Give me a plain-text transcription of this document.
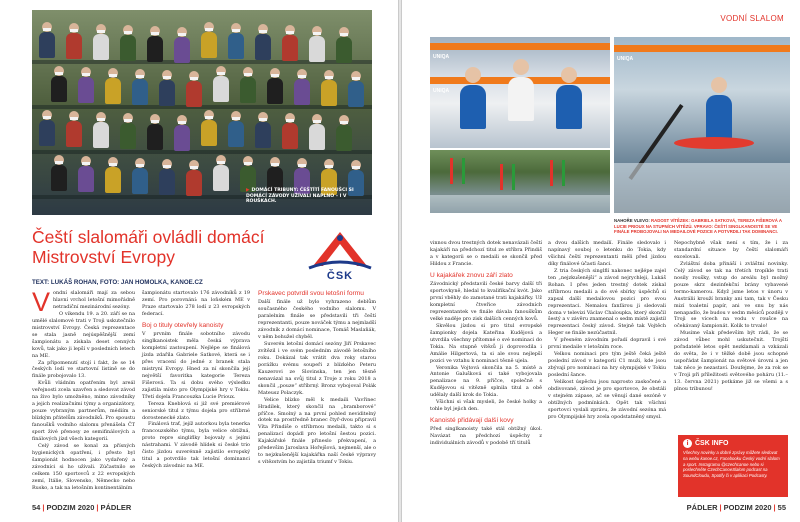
▶ DOMÁCÍ TRIBUNY: ČEŠTÍTÍ FANOUŠCI SI DOMÁCÍ ZÁVODY UŽÍVALI NAPLNO – I V ROUŠKÁCH.
Čeští slalomáři ovládli domácí Mistrovství Evropy
TEXT: LUKÁŠ ROHAN, FOTO: JAN HOMOLKA, KANOE.CZ
ČSK
V ondní slalomáři mají za sebou hlavní vrchol letošní mimořádně netradiční mezinárodní sezóny.

O víkendu 19. a 20. září se na umělé slalomové trati v Troji uskutečnilo mistrovství Evropy. Česká reprezentace se stala jasně nejúspěšnější zemí šampionátu a získala deset cenných kovů, tak jako ji lepší v posledních letech na ME.

Za připomenutí stojí i fakt, že se 14 českých lodí ve startovní listině se do finále probojovalo 13.

Kvůli vládním opatřením byl areál veřejnosti zcela uzavřen a sledovat závod na živo bylo umožněno, mimo závodníky a jejich realizačními týmy a organizátory, pouze vybraným partnerům, médiím a blízkým přátelům závodníků. Pro spoustu fanoušků vodního slalomu přenášela ČT sport živé přenosy ze semifinálových a finálových jízd všech kategorií.

Celý závod se konal za přísných hygienických opatření, i přesto byl šampionát hodnocen jako vydařený a závodníci si ho užívali. Zúčastnilo se celkem 150 sportovců z 22 evropských zemí, Itálie, Slovensko, Německo nebo Rusko, a tak na letošním kontinentálním

šampionátu startovalo 176 závodníků z 19 zemí. Pro porovnání: na loňském ME v Praze startovalo 278 lodí z 23 evropských federací.

Boj o tituly otevřely kanoisty

V prvním finále sobotního závodu singlkanoistek měla česká výprava kompletní zastoupení. Nejlépe se finálová jízda zdařila Gabriele Satkové, která se i přes vracení do jedné z branek stala mistryní Evropy. Hned za ní skončila její největší favoritka kategorie Tereza Fišerová. Ta si dobu svého výsledku zajistila místo pro Olympijské hry v Tokiu. Třetí dojela Francouzka Lucie Prioux.

Tereza Kneblová si již své premiérové seniorské titul z týmu dojela pro stříbrné dorostenecké zlato.

Finálová trať, jejíž autorkou byla tenerka francouzského týmu, byla velice obtížná, proto repre singliflky bojovaly s jejími nástrahami. V závodě hlídek si české trio čisto jízdou suverénně zajistilo evropský titul a potvrdilo tak letošní dominanci českých závodnic na ME.

Prskavec potvrdil svou letošní formu

Další finále už bylo vyhrazeno deblům současného českého vodního slalomu. V paralelním finále se představili tři čeští reprezentanti, pouze nováček týmu a nejmladší závodník z domácí nominace, Tomáš Maslaňák, v něm bohužel chyběl.

Suverén letošní domácí sezóny Jiří Prskavec zvítězil i ve svém posledním závodě letošního roku. Dokázal tak vrátit dva roky starou porážku svému soupeři z blízkého Peteru Kauzerovi ze Slovinska, ten jen těsně nenavázal na svůj titul z Troje z roku 2018 a skončil „pouze“ stříbrný. Bronz vybojoval Polák Mateusz Polaczyk.

Velice blízko měl k medaili Vavřinec Hradilek, který skončil na „bramborové“ příčce. Smolný a na první pohled neviditelný dotek na prostředně branec čtyř-dvou připravil Víta Přindiše o stříbrnou medaili, takto si s penalizací dopádl pro letošní šestou pozici. Kajakářské finále přineslo překvapení, a především Jaroslava Hořejšová, nejmenší, ale o to nejzkušenější kajakářka naší české výpravy s vítězstvím ho zajistila triumf v Tokiu.

54 | PODZIM 2020 | PÁDLER
VODNÍ SLALOM
UNIQA
UNIQA
UNIQA
NAHOŘE VLEVO: RADOST VÍTĚZEK: GABRIELA SATKOVÁ, TEREZA FIŠEROVÁ A LUCIE PRIOUX NA STUPNÍCH VÍTĚZŮ. VPRAVO: ČEŠTÍ SINGLKANOISTÉ SE VE FINÁLE PROBOJOVALI NA MEDAILOVÉ POZICE A POTVRDILI TAK DOMINANCI.

vinnou dvou trestných dotek nenavázali čeští kajakáři na předchozí titul ze stříbra Přindiš a v kategorii se o medaili se skončil před Hildou z Francie.

U kajakářek znovu září zlato

Závodnický představili české barvy další tři sportovkyně, hledal to kvalifikační kvót. Jako první vběhly do zamotané trati kajakářky. Už kompletní čtveřice závodních reprezentantek ve finále dávala fanouškům velké naděje pro zisk dalších cenných kovů.

Skvělou jízdou si pro titul evropské šampionky dojela Kateřina Kudějová a utvrdila všechny přítomné o své nominaci do Tokia. Na stupně vítězů ji doprovodila i Amálie Hilgertová, ta si ale svou nejlepší pozici ve vztahu k nominaci těsně ujela.

Veronika Vojtová skončila na 5. místě a Antonie Galušková si také vybojovala penalizace na 9. příčce, společně s Kudějovou si vítězně splnila titul a obě udělaly další krok do Tokia.

Všichni si však mysleli, že české holky a tohle byl jejich den.

Kanoisté přidávají další kovy

Před singlkanoisty také stál obtížný úkol. Navázat na předchozí úspěchy z individuálních závodů v podobě tří titulů

a dvou dalších medailí. Finále sledovalo i napínavý souboj o letenku do Tokia, kdy všichni čeští reprezentanti měli před jízdou díky finálové účasti šanci.

Z tria českých singlflí nakonec nejlépe zajel ten „nejzkušenější“ a závod nejrychleji, Lukáš Rohan. I přes jeden trestný dotek získal stříbrnou medaili a do své sbírky úspěchů si zapsal další medailovou pozici pro svou reprezentaci. Nemalou fanfárou ji sledovali doma v televizi Václav Chaloupka, který skončil šestý a v závěru znamenal o sedm místě zajistil reprezentaci český závod. Stejně tak Vojtěch Heger se finále nezúčastnil.

V přesném závodním pořadí dopravil i své první medaile v letošním roce.

Velkou nominaci pro tým ještě čeká ještě poslední závod v kategorii C1 muži, kde jsou zbývají pro nominaci na hry olympijské v Tokiu poslední šance.

Velikost úspěchu jsou naprosto zaskočené a obdivované, závod je pro sportovce, že obstáli v stejném zápase, ač se věnují dané sezóně v obtížných podmínkách. Opět tak všichni sportovci vyslali zprávu, že závodní sezóna má pro Olympijské hry zcela opodstatněný smysl.

Nepochybně však není s tím, že i za standardní situace by čeští slalomáři excelovali.

Zvláštní doba přináší i zvláštní novinky. Celý závod se tak na třetích tropíkle trati nosily roušky, vstup do areálu byl možný pouze skrz dezinfekční brány vybavené termo-kamerou. Když jsme letos v únoru v Austrálii krouží branky ani tam, tak v Česku mizí toaletní papír, ani ve snu by nás nenapadlo, že budou v sedm měsíců později v Troji se vícech na vodu v roušce na očekávaný šampionát. Kolik to trvalo!

Musíme však především být rádi, že se závod vůbec mohl uskutečnit. Trojští pořadatelé letos opět nezklamali a vzkázali do světa, že i v těžké době jsou schopné uspořádat šampionát na světové úrovni a jen tak něco je nezastaví. Doufejme, že za rok se v Troji při příležitosti světového poháru (11.–13. června 2021) potkáme již se všemi a s plnou tribunou!

i ČSK INFO

Všechny novinky a dobré zprávy můžete sledovat na webu kanoe.cz, Facebooku Český vodní slalom a sport. Instagramu @czechcanoe nebo si poslechněte CzechCanoeSlalom podcast na SoundCloudu, Spotify či v aplikaci Podcasty.

PÁDLER | PODZIM 2020 | 55
